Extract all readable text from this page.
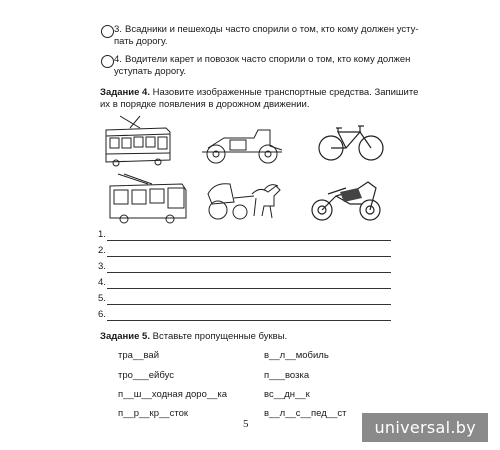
3. Всадники и пешеходы часто спорили о том, кто кому должен усту-
пать дорогу.
4. Водители карет и повозок часто спорили о том, кто кому должен
уступать дорогу.
Задание 4. Назовите изображенные транспортные средства. Запишите
их в порядке появления в дорожном движении.
1.
2.
3.
4.
5.
6.
Задание 5. Вставьте пропущенные буквы.
тра__вай
тро___ейбус
п__ш__ходная доро__ка
п__р__кр__сток
в__л__мобиль
п___возка
вс__дн__к
в__л__с__пед__ст
5	universal.by
